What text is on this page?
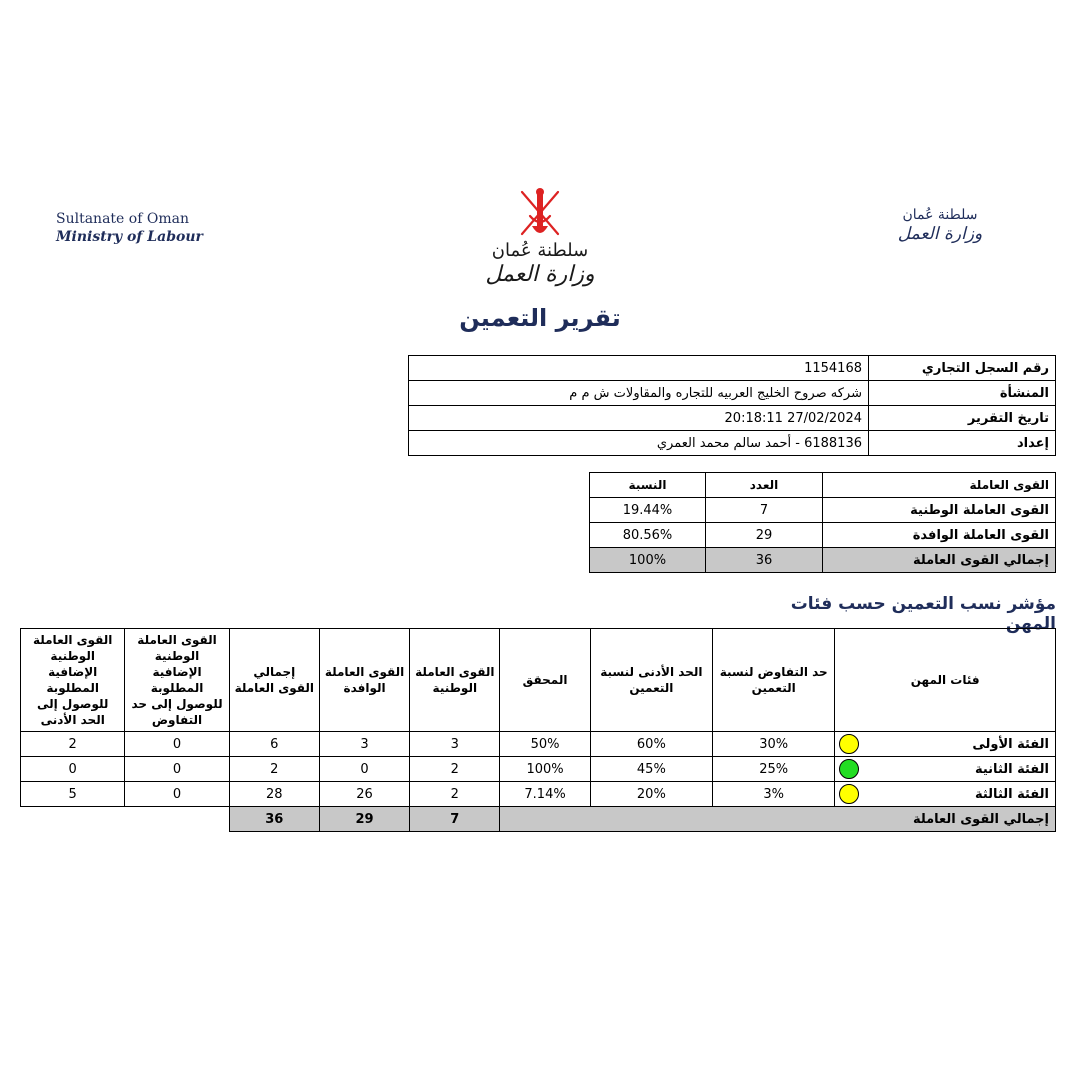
Sultanate of Oman
Ministry of Labour
سلطنة عُمان
وزارة العمل
سلطنة عُمان
وزارة العمل
تقرير التعمين
رقم السجل التجاري	1154168
المنشأة	شركه صروح الخليج العربيه للتجاره والمقاولات ش م م
تاريخ التقرير	27/02/2024 20:18:11
إعداد	6188136 - أحمد سالم محمد العمري
القوى العاملة	العدد	النسبة
القوى العاملة الوطنية	7	19.44%
القوى العاملة الوافدة	29	80.56%
إجمالي القوى العاملة	36	100%
مؤشر نسب التعمين حسب فئات المهن
فئات المهن	حد التفاوض لنسبة التعمين	الحد الأدنى لنسبة التعمين	المحقق	القوى العاملة الوطنية	القوى العاملة الوافدة	إجمالي القوى العاملة	القوى العاملة الوطنية الإضافية المطلوبة للوصول إلى حد التفاوض	القوى العاملة الوطنية الإضافية المطلوبة للوصول إلى الحد الأدنى
الفئة الأولى	30%	60%	50%	3	3	6	0	2
الفئة الثانية	25%	45%	100%	2	0	2	0	0
الفئة الثالثة	3%	20%	7.14%	2	26	28	0	5
إجمالي القوى العاملة				7	29	36		
